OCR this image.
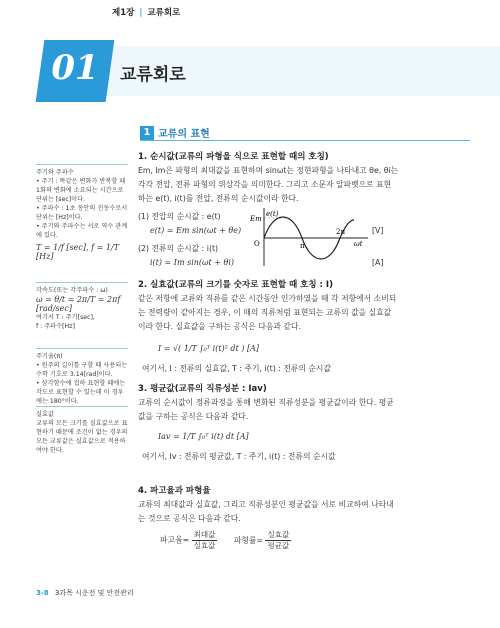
제1장 | 교류회로
01	교류회로
1 교류의 표현

주기와 주파수

• 주기 : 똑같은 변화가 반복할 때

1회의 변화에 소요되는 시간으로

단위는 [sec]이다.

• 주파수 : 1초 동안의 진동수로서

단위는 [Hz]이다.

• 주기와 주파수는 서로 역수 관계

에 있다.

T = 1/f [sec], f = 1/T [Hz]

각속도(또는 각주파수 : ω)

ω = θ/t = 2π/T = 2πf [rad/sec]

여기서 T : 주기[sec],

f : 주파수[Hz]

주기율(π)

• 원주의 길이를 구할 때 사용되는

수학 기호로 3.14[rad]이다.

• 삼각함수에 접하 표현할 때에는

각도로 표현할 수 있는데 이 경우

에는 180°이다.

실효값

교류의 모든 크기를 실효값으로 표

현하기 때문에 조건이 없는 경우의

모든 교류값은 실효값으로 적용하

여야 한다.

1. 순시값(교류의 파형을 식으로 표현할 때의 호칭)

Em, Im은 파형의 최대값을 표현하며 sinωt는 정현파형을 나타내고 θe, θi는

각각 전압, 전류 파형의 위상각을 의미한다. 그리고 소문자 알파벳으로 표현

하는 e(t), i(t)를 전압, 전류의 순시값이라 한다.

(1) 전압의 순시값 : e(t)

e(t) = Em sin(ωt + θe)	[V]

(2) 전류의 순시값 : i(t)

i(t) = Im sin(ωt + θi)	[A]
e(t)
Em
O	π
2π
ωt

2. 실효값(교류의 크기를 숫자로 표현할 때 호칭 : I)

같은 저항에 교류와 직류를 같은 시간동안 인가하였을 때 각 저항에서 소비되

는 전력량이 같아지는 경우, 이 때의 직류처럼 표현되는 교류의 값을 실효값

이라 한다. 실효값을 구하는 공식은 다음과 같다.

I = √( 1/T ∫₀ᵀ i(t)² dt ) [A]

여기서, I : 전류의 실효값, T : 주기, i(t) : 전류의 순시값

3. 평균값(교류의 직류성분 : Iav)

교류의 순시값이 정류과정을 통해 변화된 직류성분을 평균값이라 한다. 평균

값을 구하는 공식은 다음과 같다.

Iav = 1/T ∫₀ᵀ i(t) dt [A]

여기서, Iv : 전류의 평균값, T : 주기, i(t) : 전류의 순시값

4. 파고율과 파형율

교류의 최대값과 실효값, 그리고 직류성분인 평균값을 서로 비교하여 나타내

는 것으로 공식은 다음과 같다.

파고율= $\frac{\text{최대값}}{\text{실효값}}$ 파형률= $\frac{\text{실효값}}{\text{평균값}}$
3-8 3과목 시운전 및 안전관리
